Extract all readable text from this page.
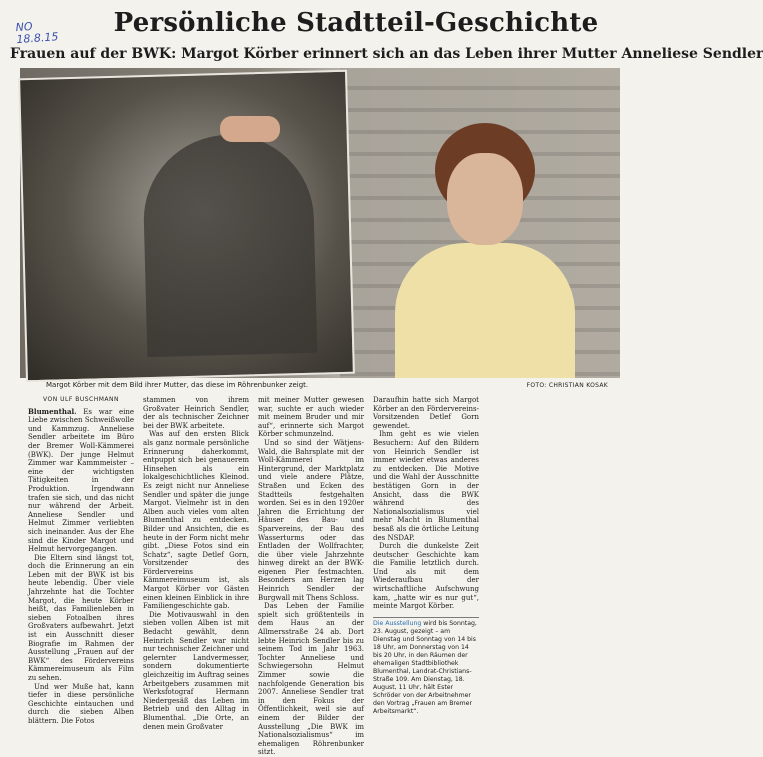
NO 18.8.15
Persönliche Stadtteil-Geschichte
Frauen auf der BWK: Margot Körber erinnert sich an das Leben ihrer Mutter Anneliese Sendler
Margot Körber mit dem Bild ihrer Mutter, das diese im Röhrenbunker zeigt.	FOTO: CHRISTIAN KOSAK
VON ULF BUSCHMANN

Blumenthal. Es war eine Liebe zwischen Schweißwolle und Kammzug. Anneliese Sendler arbeitete im Büro der Bremer Woll-Kämmerei (BWK). Der junge Helmut Zimmer war Kammmeister – eine der wichtigsten Tätigkeiten in der Produktion. Irgendwann trafen sie sich, und das nicht nur während der Arbeit. Anneliese Sendler und Helmut Zimmer verliebten sich ineinander. Aus der Ehe sind die Kinder Margot und Helmut hervorgegangen.

Die Eltern sind längst tot, doch die Erinnerung an ein Leben mit der BWK ist bis heute lebendig. Über viele Jahrzehnte hat die Tochter Margot, die heute Körber heißt, das Familienleben in sieben Fotoalben ihres Großvaters aufbewahrt. Jetzt ist ein Ausschnitt dieser Biografie im Rahmen der Ausstellung „Frauen auf der BWK“ des Fördervereins Kämmereimuseum als Film zu sehen.

Und wer Muße hat, kann tiefer in diese persönliche Geschichte eintauchen und durch die sieben Alben blättern. Die Fotos

stammen von ihrem Großvater Heinrich Sendler, der als technischer Zeichner bei der BWK arbeitete.

Was auf den ersten Blick als ganz normale persönliche Erinnerung daherkommt, entpuppt sich bei genauerem Hinsehen als ein lokalgeschichtliches Kleinod. Es zeigt nicht nur Anneliese Sendler und später die junge Margot. Vielmehr ist in den Alben auch vieles vom alten Blumenthal zu entdecken. Bilder und Ansichten, die es heute in der Form nicht mehr gibt. „Diese Fotos sind ein Schatz“, sagte Detlef Gorn, Vorsitzender des Fördervereins Kämmereimuseum ist, als Margot Körber vor Gästen einen kleinen Einblick in ihre Familiengeschichte gab.

Die Motivauswahl in den sieben vollen Alben ist mit Bedacht gewählt, denn Heinrich Sendler war nicht nur technischer Zeichner und gelernter Landvermesser, sondern dokumentierte gleichzeitig im Auftrag seines Arbeitgebers zusammen mit Werksfotograf Hermann Niedergesäß das Leben im Betrieb und den Alltag in Blumenthal. „Die Orte, an denen mein Großvater

mit meiner Mutter gewesen war, suchte er auch wieder mit meinem Bruder und mir auf“, erinnerte sich Margot Körber schmunzelnd.

Und so sind der Wätjens-Wald, die Bahrsplate mit der Woll-Kämmerei im Hintergrund, der Marktplatz und viele andere Plätze, Straßen und Ecken des Stadtteils festgehalten worden. Sei es in den 1920er Jahren die Errichtung der Häuser des Bau- und Sparvereins, der Bau des Wasserturms oder das Entladen der Wollfrachter, die über viele Jahrzehnte hinweg direkt an der BWK-eigenen Pier festmachten. Besonders am Herzen lag Heinrich Sendler der Burgwall mit Thens Schloss.

Das Leben der Familie spielt sich größtenteils in dem Haus an der Allmersstraße 24 ab. Dort lebte Heinrich Sendler bis zu seinem Tod im Jahr 1963. Tochter Anneliese und Schwiegersohn Helmut Zimmer sowie die nachfolgende Generation bis 2007. Anneliese Sendler trat in den Fokus der Öffentlichkeit, weil sie auf einem der Bilder der Ausstellung „Die BWK im Nationalsozialismus“ im ehemaligen Röhrenbunker sitzt.

Daraufhin hatte sich Margot Körber an den Fördervereins-Vorsitzenden Detlef Gorn gewendet.

Ihm geht es wie vielen Besuchern: Auf den Bildern von Heinrich Sendler ist immer wieder etwas anderes zu entdecken. Die Motive und die Wahl der Ausschnitte bestätigen Gorn in der Ansicht, dass die BWK während des Nationalsozialismus viel mehr Macht in Blumenthal besaß als die örtliche Leitung des NSDAP.

Durch die dunkelste Zeit deutscher Geschichte kam die Familie letztlich durch. Und als mit dem Wiederaufbau der wirtschaftliche Aufschwung kam, „hatte wir es nur gut“, meinte Margot Körber.

Die Ausstellung wird bis Sonntag, 23. August, gezeigt – am Dienstag und Sonntag von 14 bis 18 Uhr, am Donnerstag von 14 bis 20 Uhr, in den Räumen der ehemaligen Stadtbibliothek Blumenthal, Landrat-Christians-Straße 109. Am Dienstag, 18. August, 11 Uhr, hält Ester Schröder von der Arbeitnehmer den Vortrag „Frauen am Bremer Arbeitsmarkt“.
